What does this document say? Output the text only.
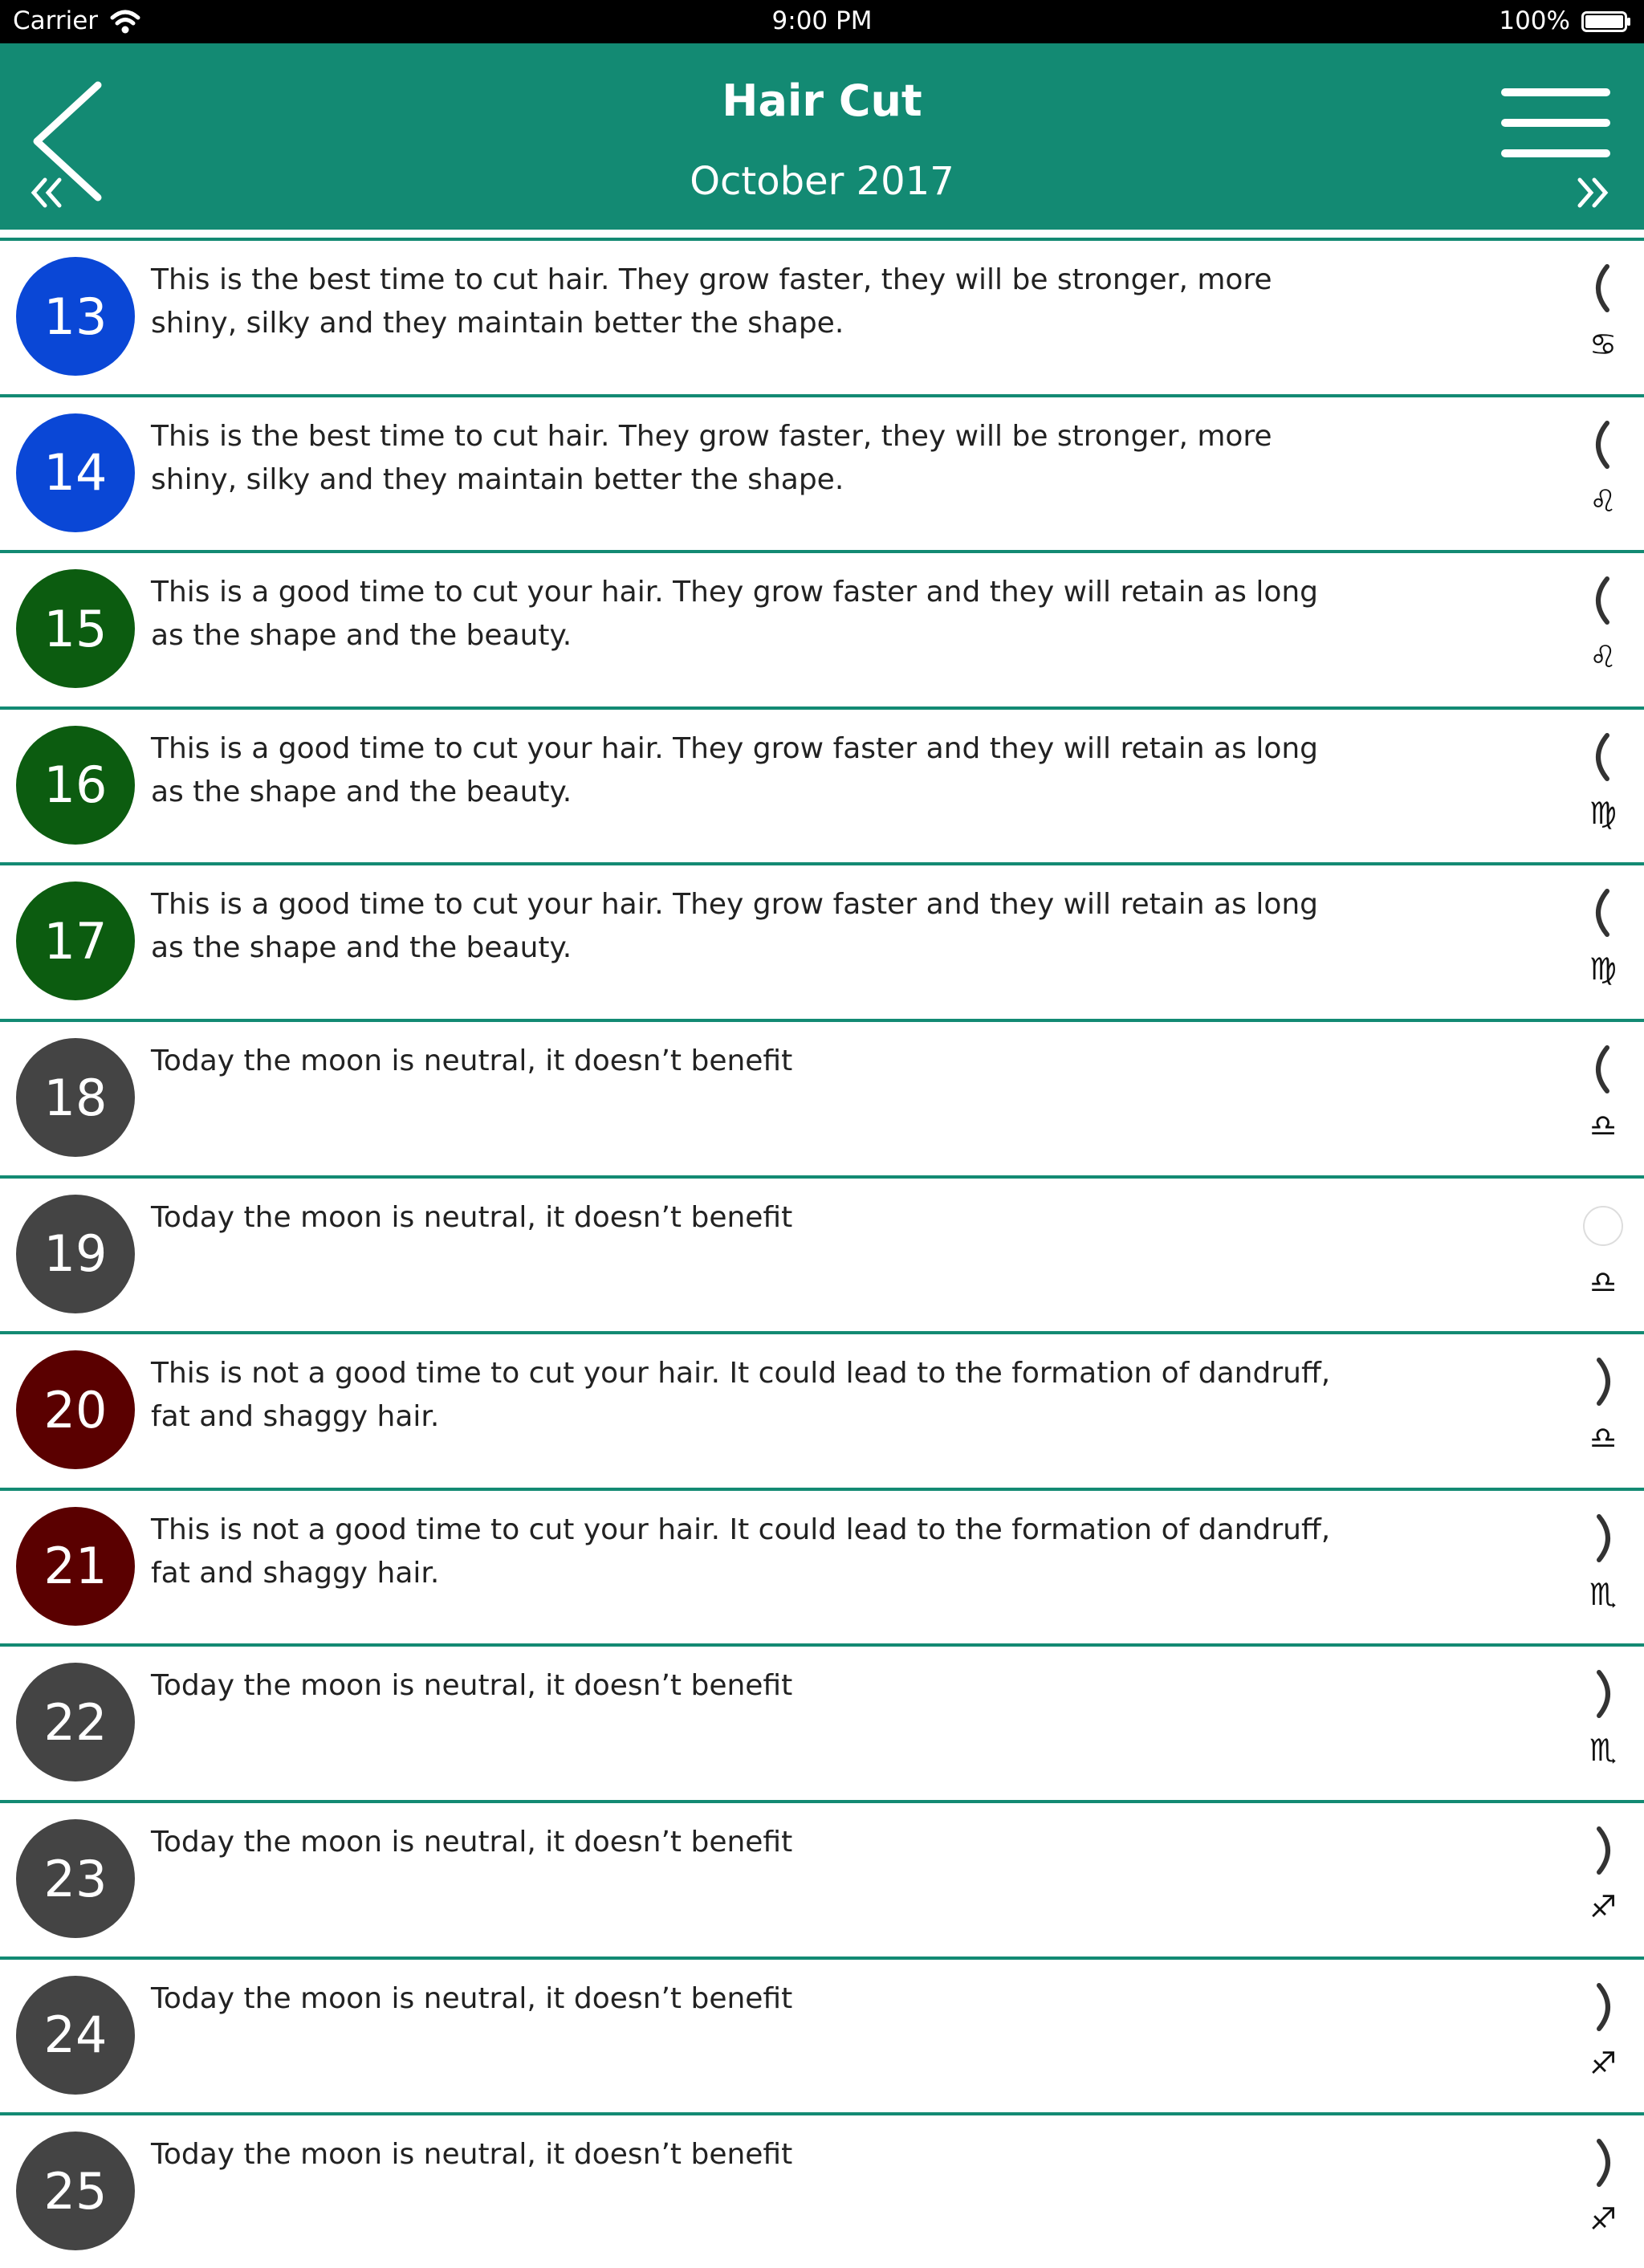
Carrier	9:00 PM	100%
Hair Cut
October 2017
13
This is the best time to cut hair. They grow faster, they will be stronger, more shiny, silky and they maintain better the shape.
♋
14
This is the best time to cut hair. They grow faster, they will be stronger, more shiny, silky and they maintain better the shape.
♌
15
This is a good time to cut your hair. They grow faster and they will retain as long as the shape and the beauty.
♌
16
This is a good time to cut your hair. They grow faster and they will retain as long as the shape and the beauty.
♍
17
This is a good time to cut your hair. They grow faster and they will retain as long as the shape and the beauty.
♍
18
Today the moon is neutral, it doesn’t benefit
♎
19
Today the moon is neutral, it doesn’t benefit
♎
20
This is not a good time to cut your hair. It could lead to the formation of dandruff, fat and shaggy hair.
♎
21
This is not a good time to cut your hair. It could lead to the formation of dandruff, fat and shaggy hair.
♏
22
Today the moon is neutral, it doesn’t benefit
♏
23
Today the moon is neutral, it doesn’t benefit
♐
24
Today the moon is neutral, it doesn’t benefit
♐
25
Today the moon is neutral, it doesn’t benefit
♐
